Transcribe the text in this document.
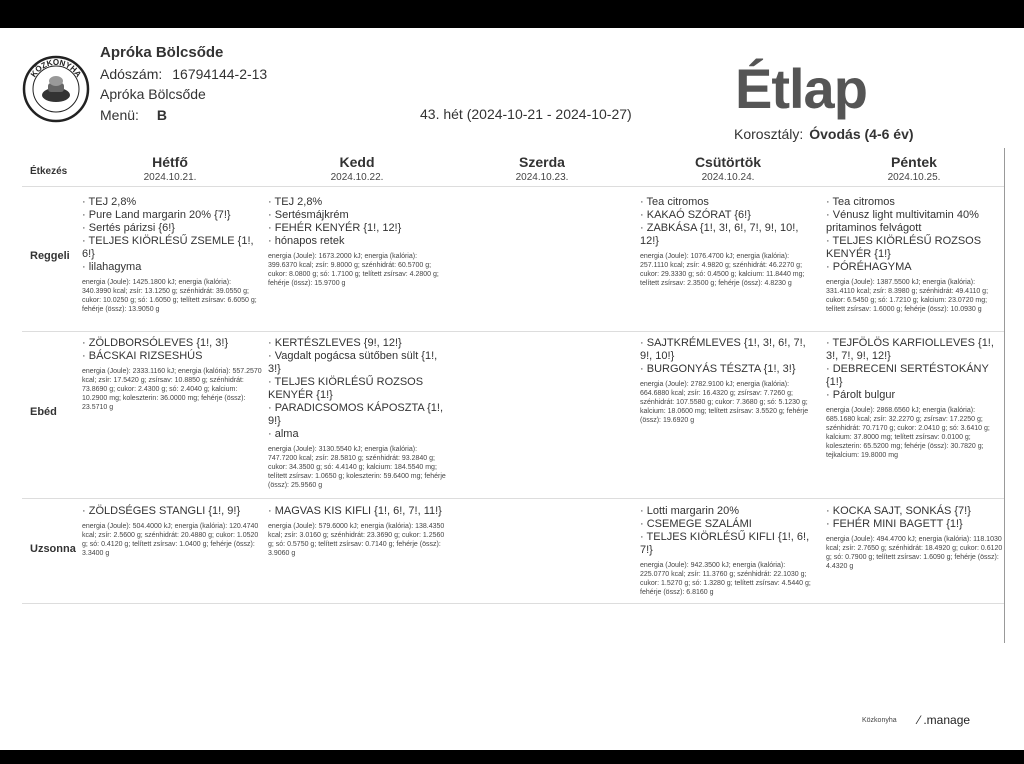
KÖZKONYHA
Apróka Bölcsőde
Adószám: 16794144-2-13
Apróka Bölcsőde
Menü: B	43. hét (2024-10-21 - 2024-10-27) Étlap
Korosztály: Óvodás (4-6 év)
Étkezés
Hétfő
2024.10.21.
Kedd
2024.10.22.
Szerda
2024.10.23.
Csütörtök
2024.10.24.
Péntek
2024.10.25.
Reggeli
Ebéd
Uzsonna
· TEJ 2,8%
· Pure Land margarin 20% {7!}
· Sertés párizsi {6!}
· TELJES KIÖRLÉSŰ ZSEMLE {1!, 6!}
· lilahagyma
energia (Joule): 1425.1800 kJ; energia (kalória): 340.3990 kcal; zsír: 13.1250 g; szénhidrát: 39.0550 g; cukor: 10.0250 g; só: 1.6050 g; telített zsírsav: 6.6050 g; fehérje (össz): 13.9050 g
· TEJ 2,8%
· Sertésmájkrém
· FEHÉR KENYÉR {1!, 12!}
· hónapos retek
energia (Joule): 1673.2000 kJ; energia (kalória): 399.6370 kcal; zsír: 9.8000 g; szénhidrát: 60.5700 g; cukor: 8.0800 g; só: 1.7100 g; telített zsírsav: 4.2800 g; fehérje (össz): 15.9700 g
· Tea citromos
· KAKAÓ SZÓRAT {6!}
· ZABKÁSA {1!, 3!, 6!, 7!, 9!, 10!, 12!}
energia (Joule): 1076.4700 kJ; energia (kalória): 257.1110 kcal; zsír: 4.9820 g; szénhidrát: 46.2270 g; cukor: 29.3330 g; só: 0.4500 g; kalcium: 11.8440 mg; telített zsírsav: 2.3500 g; fehérje (össz): 4.8230 g
· Tea citromos
· Vénusz light multivitamin 40% pritaminos felvágott
· TELJES KIÖRLÉSŰ ROZSOS KENYÉR {1!}
· PÓRÉHAGYMA
energia (Joule): 1387.5500 kJ; energia (kalória): 331.4110 kcal; zsír: 8.3980 g; szénhidrát: 49.4110 g; cukor: 6.5450 g; só: 1.7210 g; kalcium: 23.0720 mg; telített zsírsav: 1.6000 g; fehérje (össz): 10.0930 g
· ZÖLDBORSÓLEVES {1!, 3!}
· BÁCSKAI RIZSESHÚS
energia (Joule): 2333.1160 kJ; energia (kalória): 557.2570 kcal; zsír: 17.5420 g; zsírsav: 10.8850 g; szénhidrát: 73.8690 g; cukor: 2.4300 g; só: 2.4040 g; kalcium: 10.2900 mg; koleszterin: 36.0000 mg; fehérje (össz): 23.5710 g
· KERTÉSZLEVES {9!, 12!}
· Vagdalt pogácsa sütőben sült {1!, 3!}
· TELJES KIÖRLÉSŰ ROZSOS KENYÉR {1!}
· PARADICSOMOS KÁPOSZTA {1!, 9!}
· alma
energia (Joule): 3130.5540 kJ; energia (kalória): 747.7200 kcal; zsír: 28.5810 g; szénhidrát: 93.2840 g; cukor: 34.3500 g; só: 4.4140 g; kalcium: 184.5540 mg; telített zsírsav: 1.0650 g; koleszterin: 59.6400 mg; fehérje (össz): 25.9560 g
· SAJTKRÉMLEVES {1!, 3!, 6!, 7!, 9!, 10!}
· BURGONYÁS TÉSZTA {1!, 3!}
energia (Joule): 2782.9100 kJ; energia (kalória): 664.6880 kcal; zsír: 16.4320 g; zsírsav: 7.7260 g; szénhidrát: 107.5580 g; cukor: 7.3680 g; só: 5.1230 g; kalcium: 18.0600 mg; telített zsírsav: 3.5520 g; fehérje (össz): 19.6920 g
· TEJFÖLÖS KARFIOLLEVES {1!, 3!, 7!, 9!, 12!}
· DEBRECENI SERTÉSTOKÁNY {1!}
· Párolt bulgur
energia (Joule): 2868.6560 kJ; energia (kalória): 685.1680 kcal; zsír: 32.2270 g; zsírsav: 17.2250 g; szénhidrát: 70.7170 g; cukor: 2.0410 g; só: 3.6410 g; kalcium: 37.8000 mg; telített zsírsav: 0.0100 g; koleszterin: 65.5200 mg; fehérje (össz): 30.7820 g; tejkalcium: 19.8000 mg
· ZÖLDSÉGES STANGLI {1!, 9!}
energia (Joule): 504.4000 kJ; energia (kalória): 120.4740 kcal; zsír: 2.5600 g; szénhidrát: 20.4880 g; cukor: 1.0520 g; só: 0.4120 g; telített zsírsav: 1.0400 g; fehérje (össz): 3.3400 g
· MAGVAS KIS KIFLI {1!, 6!, 7!, 11!}
energia (Joule): 579.6000 kJ; energia (kalória): 138.4350 kcal; zsír: 3.0160 g; szénhidrát: 23.3690 g; cukor: 1.2560 g; só: 0.5750 g; telített zsírsav: 0.7140 g; fehérje (össz): 3.9060 g
· Lotti margarin 20%
· CSEMEGE SZALÁMI
· TELJES KIÖRLÉSŰ KIFLI {1!, 6!, 7!}
energia (Joule): 942.3500 kJ; energia (kalória): 225.0770 kcal; zsír: 11.3760 g; szénhidrát: 22.1030 g; cukor: 1.5270 g; só: 1.3280 g; telített zsírsav: 4.5440 g; fehérje (össz): 6.8160 g
· KOCKA SAJT, SONKÁS {7!}
· FEHÉR MINI BAGETT {1!}
energia (Joule): 494.4700 kJ; energia (kalória): 118.1030 kcal; zsír: 2.7650 g; szénhidrát: 18.4920 g; cukor: 0.6120 g; só: 0.7900 g; telített zsírsav: 1.6090 g; fehérje (össz): 4.4320 g
Közkonyha ⁄ .manage
